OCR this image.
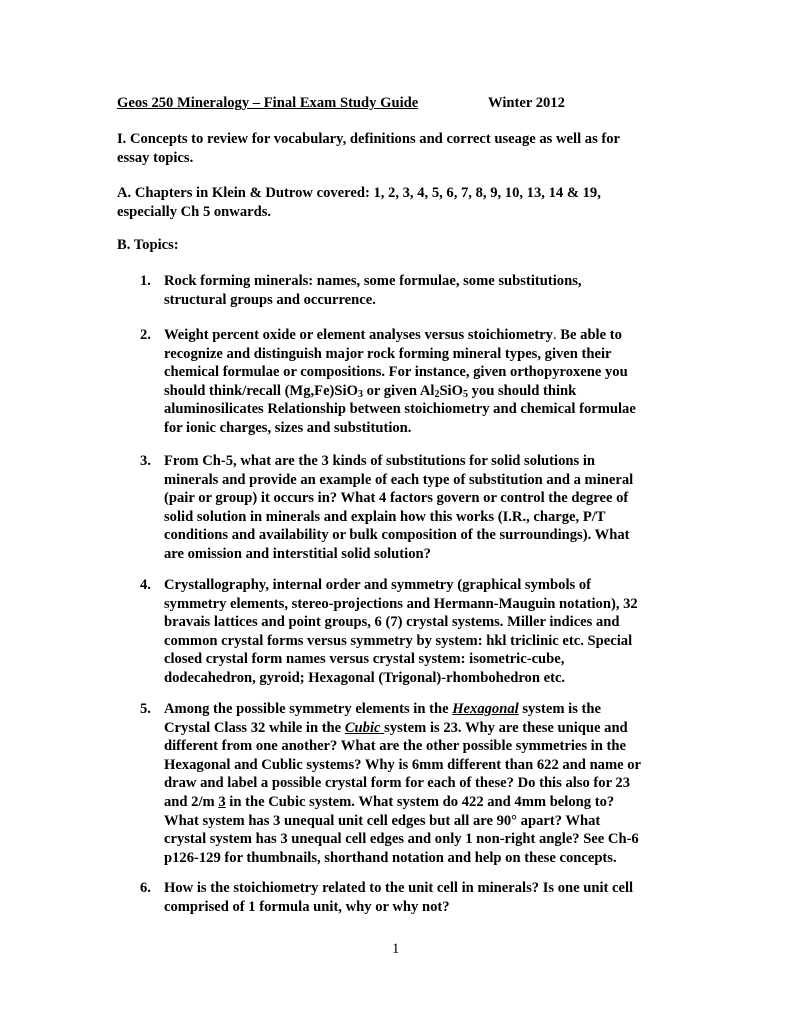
Geos 250 Mineralogy – Final Exam Study Guide	Winter 2012
I. Concepts to review for vocabulary, definitions and correct useage as well as for
essay topics.
A. Chapters in Klein & Dutrow covered: 1, 2, 3, 4, 5, 6, 7, 8, 9, 10, 13, 14 & 19,
especially Ch 5 onwards.
B. Topics:
1. Rock forming minerals: names, some formulae, some substitutions,
structural groups and occurrence.
2. Weight percent oxide or element analyses versus stoichiometry. Be able to
recognize and distinguish major rock forming mineral types, given their
chemical formulae or compositions. For instance, given orthopyroxene you
should think/recall (Mg,Fe)SiO$_3$ or given $Al_2SiO_5$ you should think
aluminosilicates Relationship between stoichiometry and chemical formulae
for ionic charges, sizes and substitution.
3. From Ch-5, what are the 3 kinds of substitutions for solid solutions in
minerals and provide an example of each type of substitution and a mineral
(pair or group) it occurs in? What 4 factors govern or control the degree of
solid solution in minerals and explain how this works (I.R., charge, P/T
conditions and availability or bulk composition of the surroundings). What
are omission and interstitial solid solution?
4. Crystallography, internal order and symmetry (graphical symbols of
symmetry elements, stereo-projections and Hermann-Mauguin notation), 32
bravais lattices and point groups, 6 (7) crystal systems. Miller indices and
common crystal forms versus symmetry by system: hkl triclinic etc. Special
closed crystal form names versus crystal system: isometric-cube,
dodecahedron, gyroid; Hexagonal (Trigonal)-rhombohedron etc.
5. Among the possible symmetry elements in the Hexagonal system is the
Crystal Class 32 while in the Cubic system is 23. Why are these unique and
different from one another? What are the other possible symmetries in the
Hexagonal and Cublic systems? Why is 6mm different than 622 and name or
draw and label a possible crystal form for each of these? Do this also for 23
and 2/m 3 in the Cubic system. What system do 422 and 4mm belong to?
What system has 3 unequal unit cell edges but all are 90° apart? What
crystal system has 3 unequal cell edges and only 1 non-right angle? See Ch-6
p126-129 for thumbnails, shorthand notation and help on these concepts.
6. How is the stoichiometry related to the unit cell in minerals? Is one unit cell
comprised of 1 formula unit, why or why not?
1
